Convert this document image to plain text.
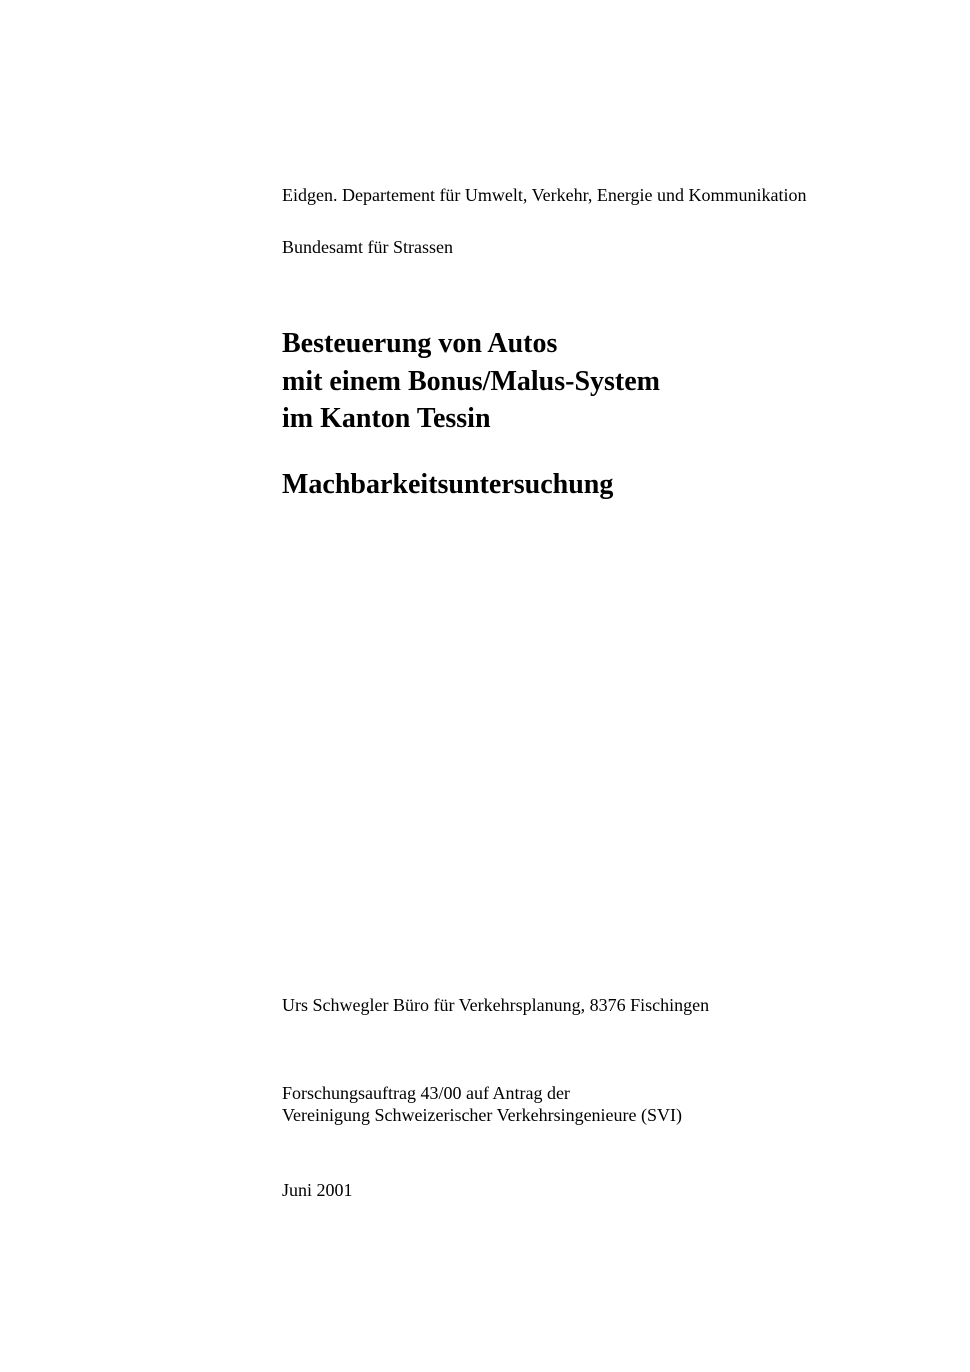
Eidgen. Departement für Umwelt, Verkehr, Energie und Kommunikation

Bundesamt für Strassen

Besteuerung von Autos
mit einem Bonus/Malus-System
im Kanton Tessin
Machbarkeitsuntersuchung

Urs Schwegler Büro für Verkehrsplanung, 8376 Fischingen

Forschungsauftrag 43/00 auf Antrag der
Vereinigung Schweizerischer Verkehrsingenieure (SVI)

Juni 2001
